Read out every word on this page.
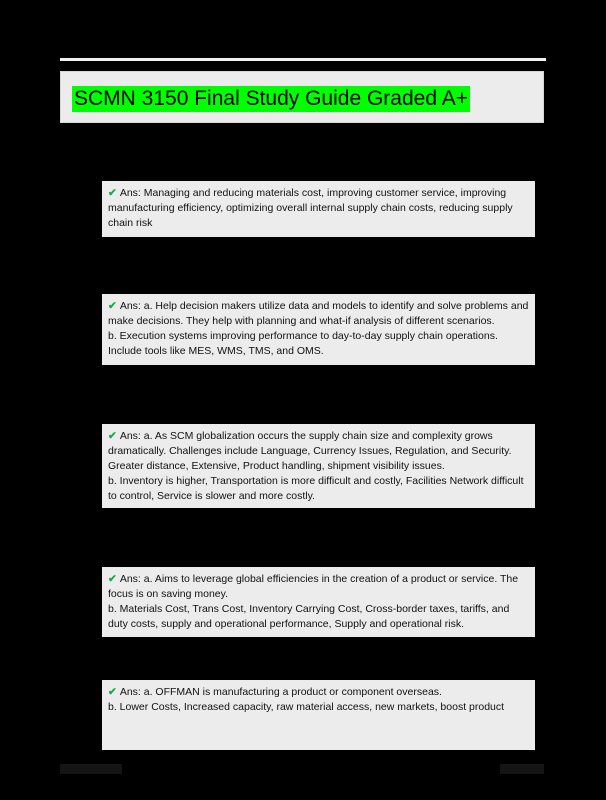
SCMN 3150 Final Study Guide Graded A+

✔ Ans: Managing and reducing materials cost, improving customer service, improving manufacturing efficiency, optimizing overall internal supply chain costs, reducing supply chain risk

✔ Ans: a. Help decision makers utilize data and models to identify and solve problems and make decisions. They help with planning and what-if analysis of different scenarios.

b. Execution systems improving performance to day-to-day supply chain operations. Include tools like MES, WMS, TMS, and OMS.

✔ Ans: a. As SCM globalization occurs the supply chain size and complexity grows dramatically. Challenges include Language, Currency Issues, Regulation, and Security. Greater distance, Extensive, Product handling, shipment visibility issues.

b. Inventory is higher, Transportation is more difficult and costly, Facilities Network difficult to control, Service is slower and more costly.

✔ Ans: a. Aims to leverage global efficiencies in the creation of a product or service. The focus is on saving money.

b. Materials Cost, Trans Cost, Inventory Carrying Cost, Cross-border taxes, tariffs, and duty costs, supply and operational performance, Supply and operational risk.

✔ Ans: a. OFFMAN is manufacturing a product or component overseas.

b. Lower Costs, Increased capacity, raw material access, new markets, boost product
